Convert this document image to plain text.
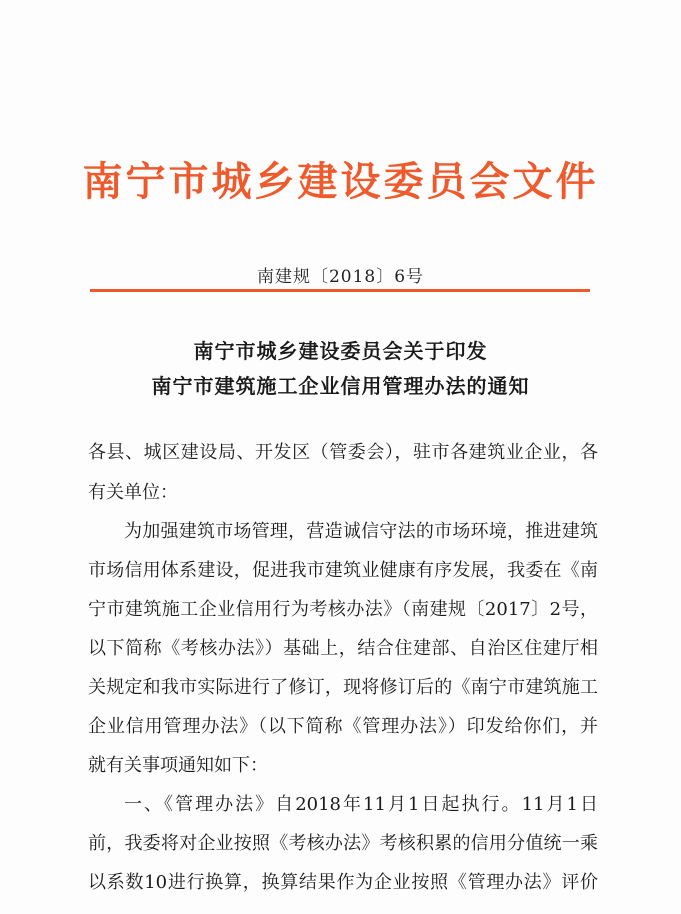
南宁市城乡建设委员会文件
南建规〔2018〕6号
南宁市城乡建设委员会关于印发
南宁市建筑施工企业信用管理办法的通知
各县、城区建设局、开发区（管委会），驻市各建筑业企业，各
有关单位：
为加强建筑市场管理，营造诚信守法的市场环境，推进建筑
市场信用体系建设，促进我市建筑业健康有序发展，我委在《南
宁市建筑施工企业信用行为考核办法》（南建规〔2017〕2号，
以下简称《考核办法》）基础上，结合住建部、自治区住建厅相
关规定和我市实际进行了修订，现将修订后的《南宁市建筑施工
企业信用管理办法》（以下简称《管理办法》）印发给你们，并
就有关事项通知如下：
一、《管理办法》自2018年11月1日起执行。11月1日
前，我委将对企业按照《考核办法》考核积累的信用分值统一乘
以系数10进行换算，换算结果作为企业按照《管理办法》评价
